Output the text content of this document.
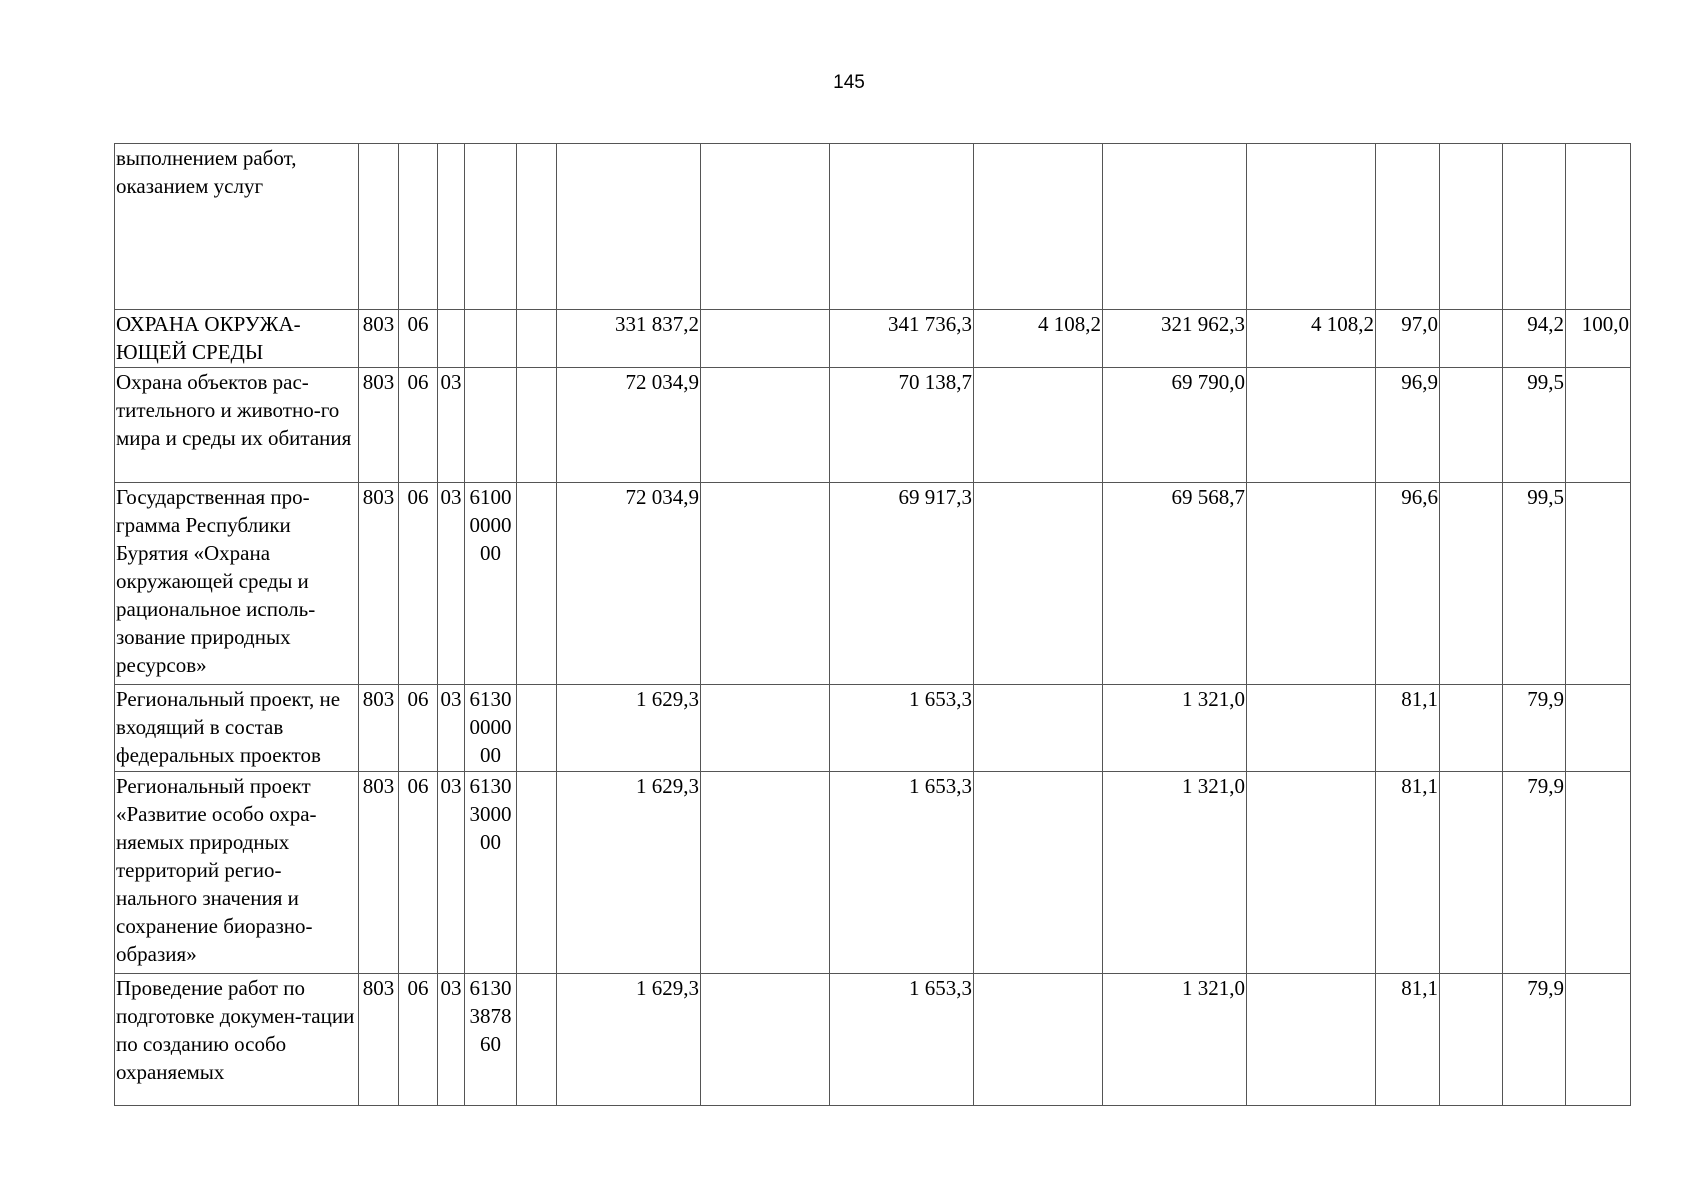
145
выполнением работ, оказанием услуг															
ОХРАНА ОКРУЖА-ЮЩЕЙ СРЕДЫ	803	06				331 837,2		341 736,3	4 108,2	321 962,3	4 108,2	97,0		94,2	100,0
Охрана объектов рас-тительного и животно-го мира и среды их обитания	803	06	03			72 034,9		70 138,7		69 790,0		96,9		99,5	
Государственная про-грамма Республики Бурятия «Охрана окружающей среды и рациональное исполь-зование природных ресурсов»	803	06	03	6100000000		72 034,9		69 917,3		69 568,7		96,6		99,5	
Региональный проект, не входящий в состав федеральных проектов	803	06	03	6130000000		1 629,3		1 653,3		1 321,0		81,1		79,9	
Региональный проект «Развитие особо охра-няемых природных территорий регио-нального значения и сохранение биоразно-образия»	803	06	03	6130300000		1 629,3		1 653,3		1 321,0		81,1		79,9	
Проведение работ по подготовке докумен-тации по созданию особо охраняемых	803	06	03	6130387860		1 629,3		1 653,3		1 321,0		81,1		79,9	
